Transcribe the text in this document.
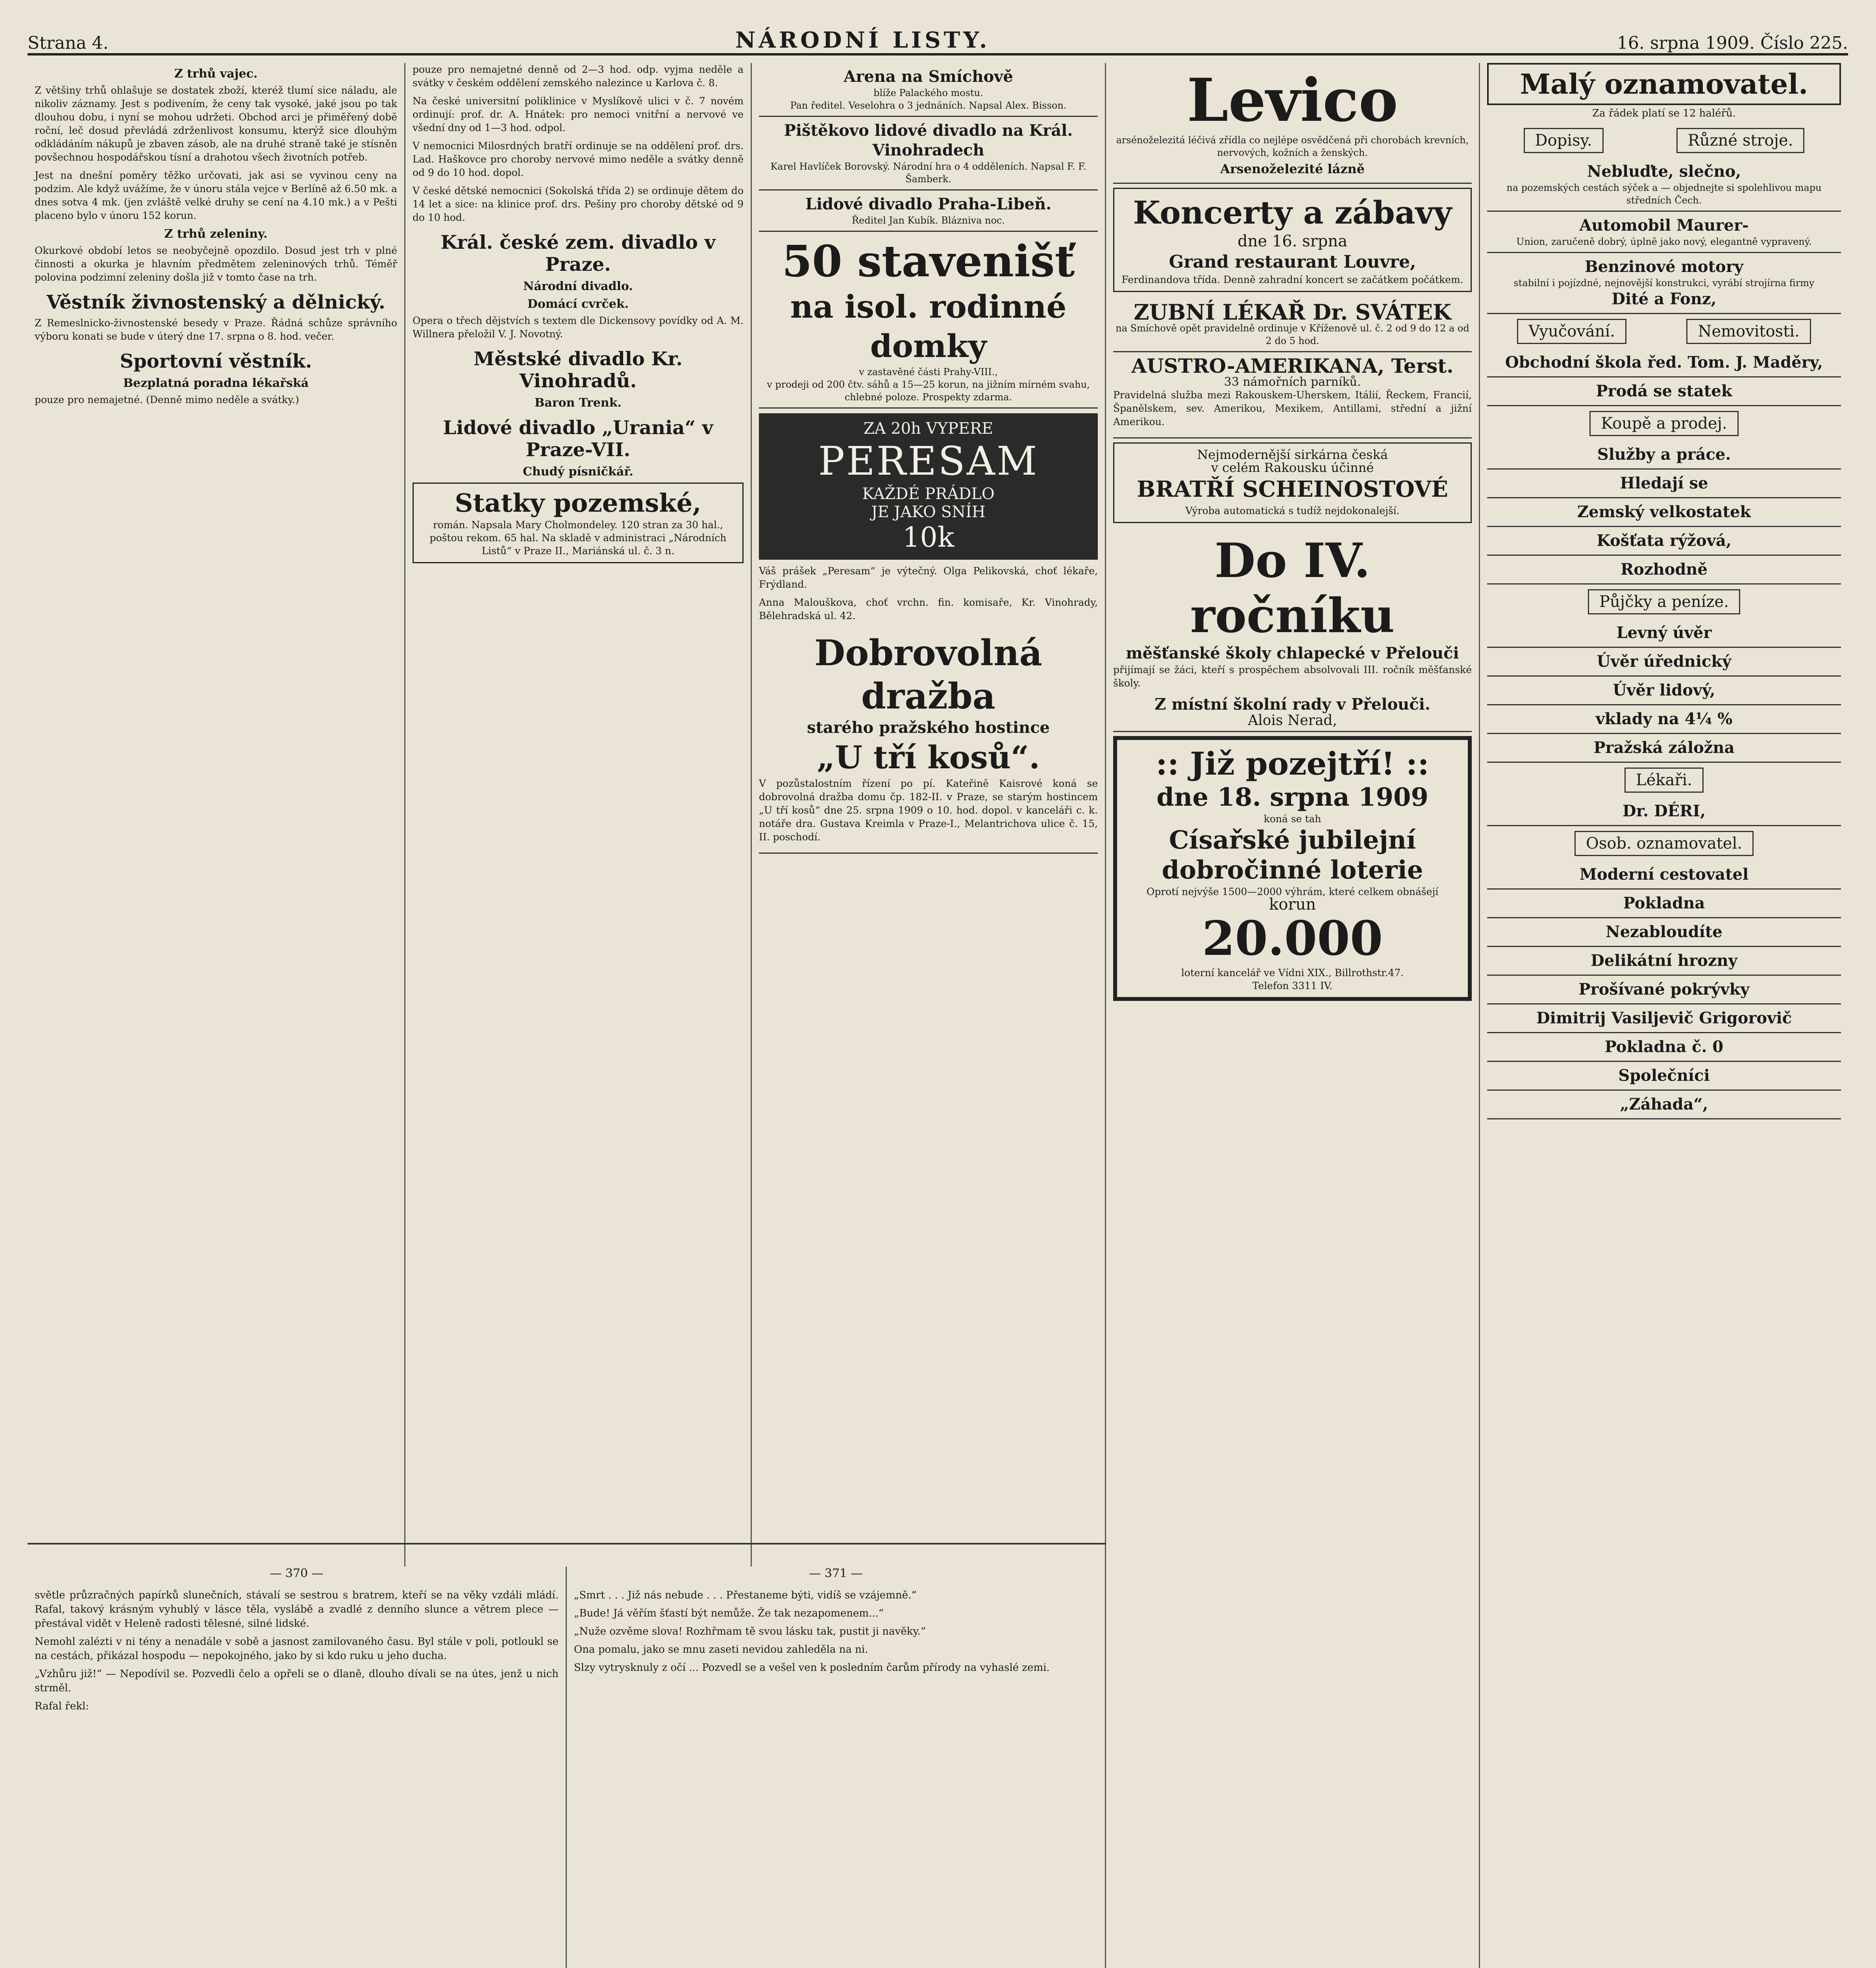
Strana 4.	NÁRODNÍ LISTY.	16. srpna 1909. Číslo 225.
Z trhů vajec.

Z většiny trhů ohlašuje se dostatek zboží, kteréž tlumí sice náladu, ale nikoliv záznamy. Jest s podivením, že ceny tak vysoké, jaké jsou po tak dlouhou dobu, i nyní se mohou udržeti. Obchod arci je přiměřený době roční, leč dosud převládá zdrženlivost konsumu, kterýž sice dlouhým odkládáním nákupů je zbaven zásob, ale na druhé straně také je stísněn povšechnou hospodářskou tísní a drahotou všech životních potřeb.

Jest na dnešní poměry těžko určovati, jak asi se vyvinou ceny na podzim. Ale když uvážíme, že v únoru stála vejce v Berlíně až 6.50 mk. a dnes sotva 4 mk. (jen zvláště velké druhy se cení na 4.10 mk.) a v Pešti placeno bylo v únoru 152 korun.

Z trhů zeleniny.

Okurkové období letos se neobyčejně opozdilo. Dosud jest trh v plné činnosti a okurka je hlavním předmětem zeleninových trhů. Téměř polovina podzimní zeleniny došla již v tomto čase na trh.

Věstník živnostenský a dělnický.

Z Remeslnicko-živnostenské besedy v Praze. Řádná schůze správního výboru konati se bude v úterý dne 17. srpna o 8. hod. večer.

Sportovní věstník.
Bezplatná poradna lékařská

pouze pro nemajetné. (Denně mimo neděle a svátky.)

pouze pro nemajetné denně od 2—3 hod. odp. vyjma neděle a svátky v českém oddělení zemského nalezince u Karlova č. 8.

Na české universitní poliklinice v Myslíkově ulici v č. 7 novém ordinují: prof. dr. A. Hnátek: pro nemoci vnitřní a nervové ve všední dny od 1—3 hod. odpol.

V nemocnici Milosrdných bratří ordinuje se na oddělení prof. drs. Lad. Haškovce pro choroby nervové mimo neděle a svátky denně od 9 do 10 hod. dopol.

V české dětské nemocnici (Sokolská třída 2) se ordinuje dětem do 14 let a sice: na klinice prof. drs. Pešiny pro choroby dětské od 9 do 10 hod.

Král. české zem. divadlo v Praze.
Národní divadlo.
Domácí cvrček.

Opera o třech dějstvích s textem dle Dickensovy povídky od A. M. Willnera přeložil V. J. Novotný.

Městské divadlo Kr. Vinohradů.
Baron Trenk.
Lidové divadlo „Urania“ v Praze-VII.
Chudý písničkář.
Statky pozemské,
román. Napsala Mary Cholmondeley. 120 stran za 30 hal., poštou rekom. 65 hal. Na skladě v administraci „Národních Listů“ v Praze II., Mariánská ul. č. 3 n.
Arena na Smíchově
blíže Palackého mostu.
Pan ředitel. Veselohra o 3 jednáních. Napsal Alex. Bisson.
Pištěkovo lidové divadlo na Král. Vinohradech
Karel Havlíček Borovský. Národní hra o 4 odděleních. Napsal F. F. Šamberk.
Lidové divadlo Praha-Libeň.
Ředitel Jan Kubík. Blázniva noc.
50 stavenišť
na isol. rodinné domky
v zastavěné části Prahy-VIII.,
v prodeji od 200 čtv. sáhů a 15—25 korun, na jižním mírném svahu, chlebné poloze. Prospekty zdarma.
ZA 20h VYPERE
PERESAM
KAŽDÉ PRÁDLO
JE JAKO SNÍH
10k

Váš prášek „Peresam“ je výtečný. Olga Pelikovská, choť lékaře, Frýdland.

Anna Malouškova, choť vrchn. fin. komisaře, Kr. Vinohrady, Bělehradská ul. 42.

Dobrovolná dražba
starého pražského hostince
„U tří kosů“.

V pozůstalostním řízení po pí. Kateřině Kaisrové koná se dobrovolná dražba domu čp. 182-II. v Praze, se starým hostincem „U tří kosů“ dne 25. srpna 1909 o 10. hod. dopol. v kanceláři c. k. notáře dra. Gustava Kreimla v Praze-I., Melantrichova ulice č. 15, II. poschodí.

— 370 —

světle průzračných papírků slunečních, stávalí se sestrou s bratrem, kteří se na věky vzdáli mládí. Rafal, takový krásným vyhublý v lásce těla, vyslábě a zvadlé z denního slunce a větrem plece — přestával vidět v Heleně radosti tělesné, silné lidské.

Nemohl zalézti v ni tény a nenadále v sobě a jasnost zamilovaného času. Byl stále v poli, potloukl se na cestách, přikázal hospodu — nepokojného, jako by si kdo ruku u jeho ducha.

„Vzhůru již!“ — Nepodívil se. Pozvedli čelo a opřeli se o dlaně, dlouho dívali se na útes, jenž u nich strměl.

Rafal řekl:

— 371 —

„Smrt . . . Již nás nebude . . . Přestaneme býti, vidíš se vzájemně.“

„Bude! Já věřím šťastí být nemůže. Že tak nezapomenem...“

„Nuže ozvěme slova! Rozhřmam tě svou lásku tak, pustit ji navěky.“

Ona pomalu, jako se mnu zaseti nevidou zahleděla na ni.

Slzy vytrysknuly z očí ... Pozvedl se a vešel ven k posledním čarům přírody na vyhaslé zemi.

Levico
arsénoželezitá léčivá zřídla co nejlépe osvědčená při chorobách krevních, nervových, kožních a ženských.
Arsenoželezité lázně
Koncerty a zábavy
dne 16. srpna
Grand restaurant Louvre,
Ferdinandova třída. Denně zahradní koncert se začátkem počátkem.
ZUBNÍ LÉKAŘ Dr. SVÁTEK
na Smíchově opět pravidelně ordinuje v Kříženově ul. č. 2 od 9 do 12 a od 2 do 5 hod.
AUSTRO-AMERIKANA, Terst.
33 námořních parníků.

Pravidelná služba mezi Rakouskem-Uherskem, Itálií, Řeckem, Francií, Španělskem, sev. Amerikou, Mexikem, Antillami, střední a jižní Amerikou.

Nejmodernější sirkárna česká
v celém Rakousku účinné
BRATŘÍ SCHEINOSTOVÉ
Výroba automatická s tudíž nejdokonalejší.
Do IV. ročníku
měšťanské školy chlapecké v Přelouči

přijímají se žáci, kteří s prospěchem absolvovali III. ročník měšťanské školy.

Z místní školní rady v Přelouči.
Alois Nerad,
:: Již pozejtří! ::
dne 18. srpna 1909
koná se tah
Císařské jubilejní dobročinné loterie
Oprotí nejvýše 1500—2000 výhrám, které celkem obnášejí
korun
20.000
loterní kancelář ve Vídni XIX., Billrothstr.47.
Telefon 3311 IV.
Malý oznamovatel.
Za řádek platí se 12 haléřů.
Dopisy.	Různé stroje.
Nebluďte, slečno,
na pozemských cestách sýček a — objednejte si spolehlivou mapu středních Čech.
Automobil Maurer-
Union, zaručeně dobrý, úplně jako nový, elegantně vypravený.
Benzinové motory
stabilní i pojízdné, nejnovější konstrukci, vyrábí strojírna firmy
Dité a Fonz,
Vyučování.	Nemovitosti.
Obchodní škola řed. Tom. J. Maděry,
Prodá se statek
Koupě a prodej.
Služby a práce.
Hledají se
Zemský velkostatek
Košťata rýžová,
Rozhodně
Půjčky a peníze.
Levný úvěr
Úvěr úřednický
Úvěr lidový,
vklady na 4¼ %
Pražská záložna
Lékaři.
Dr. DÉRI,
Osob. oznamovatel.
Moderní cestovatel
Pokladna
Nezabloudíte
Delikátní hrozny
Prošívané pokrývky
Dimitrij Vasiljevič Grigorovič
Pokladna č. 0
Společníci
„Záhada“,
